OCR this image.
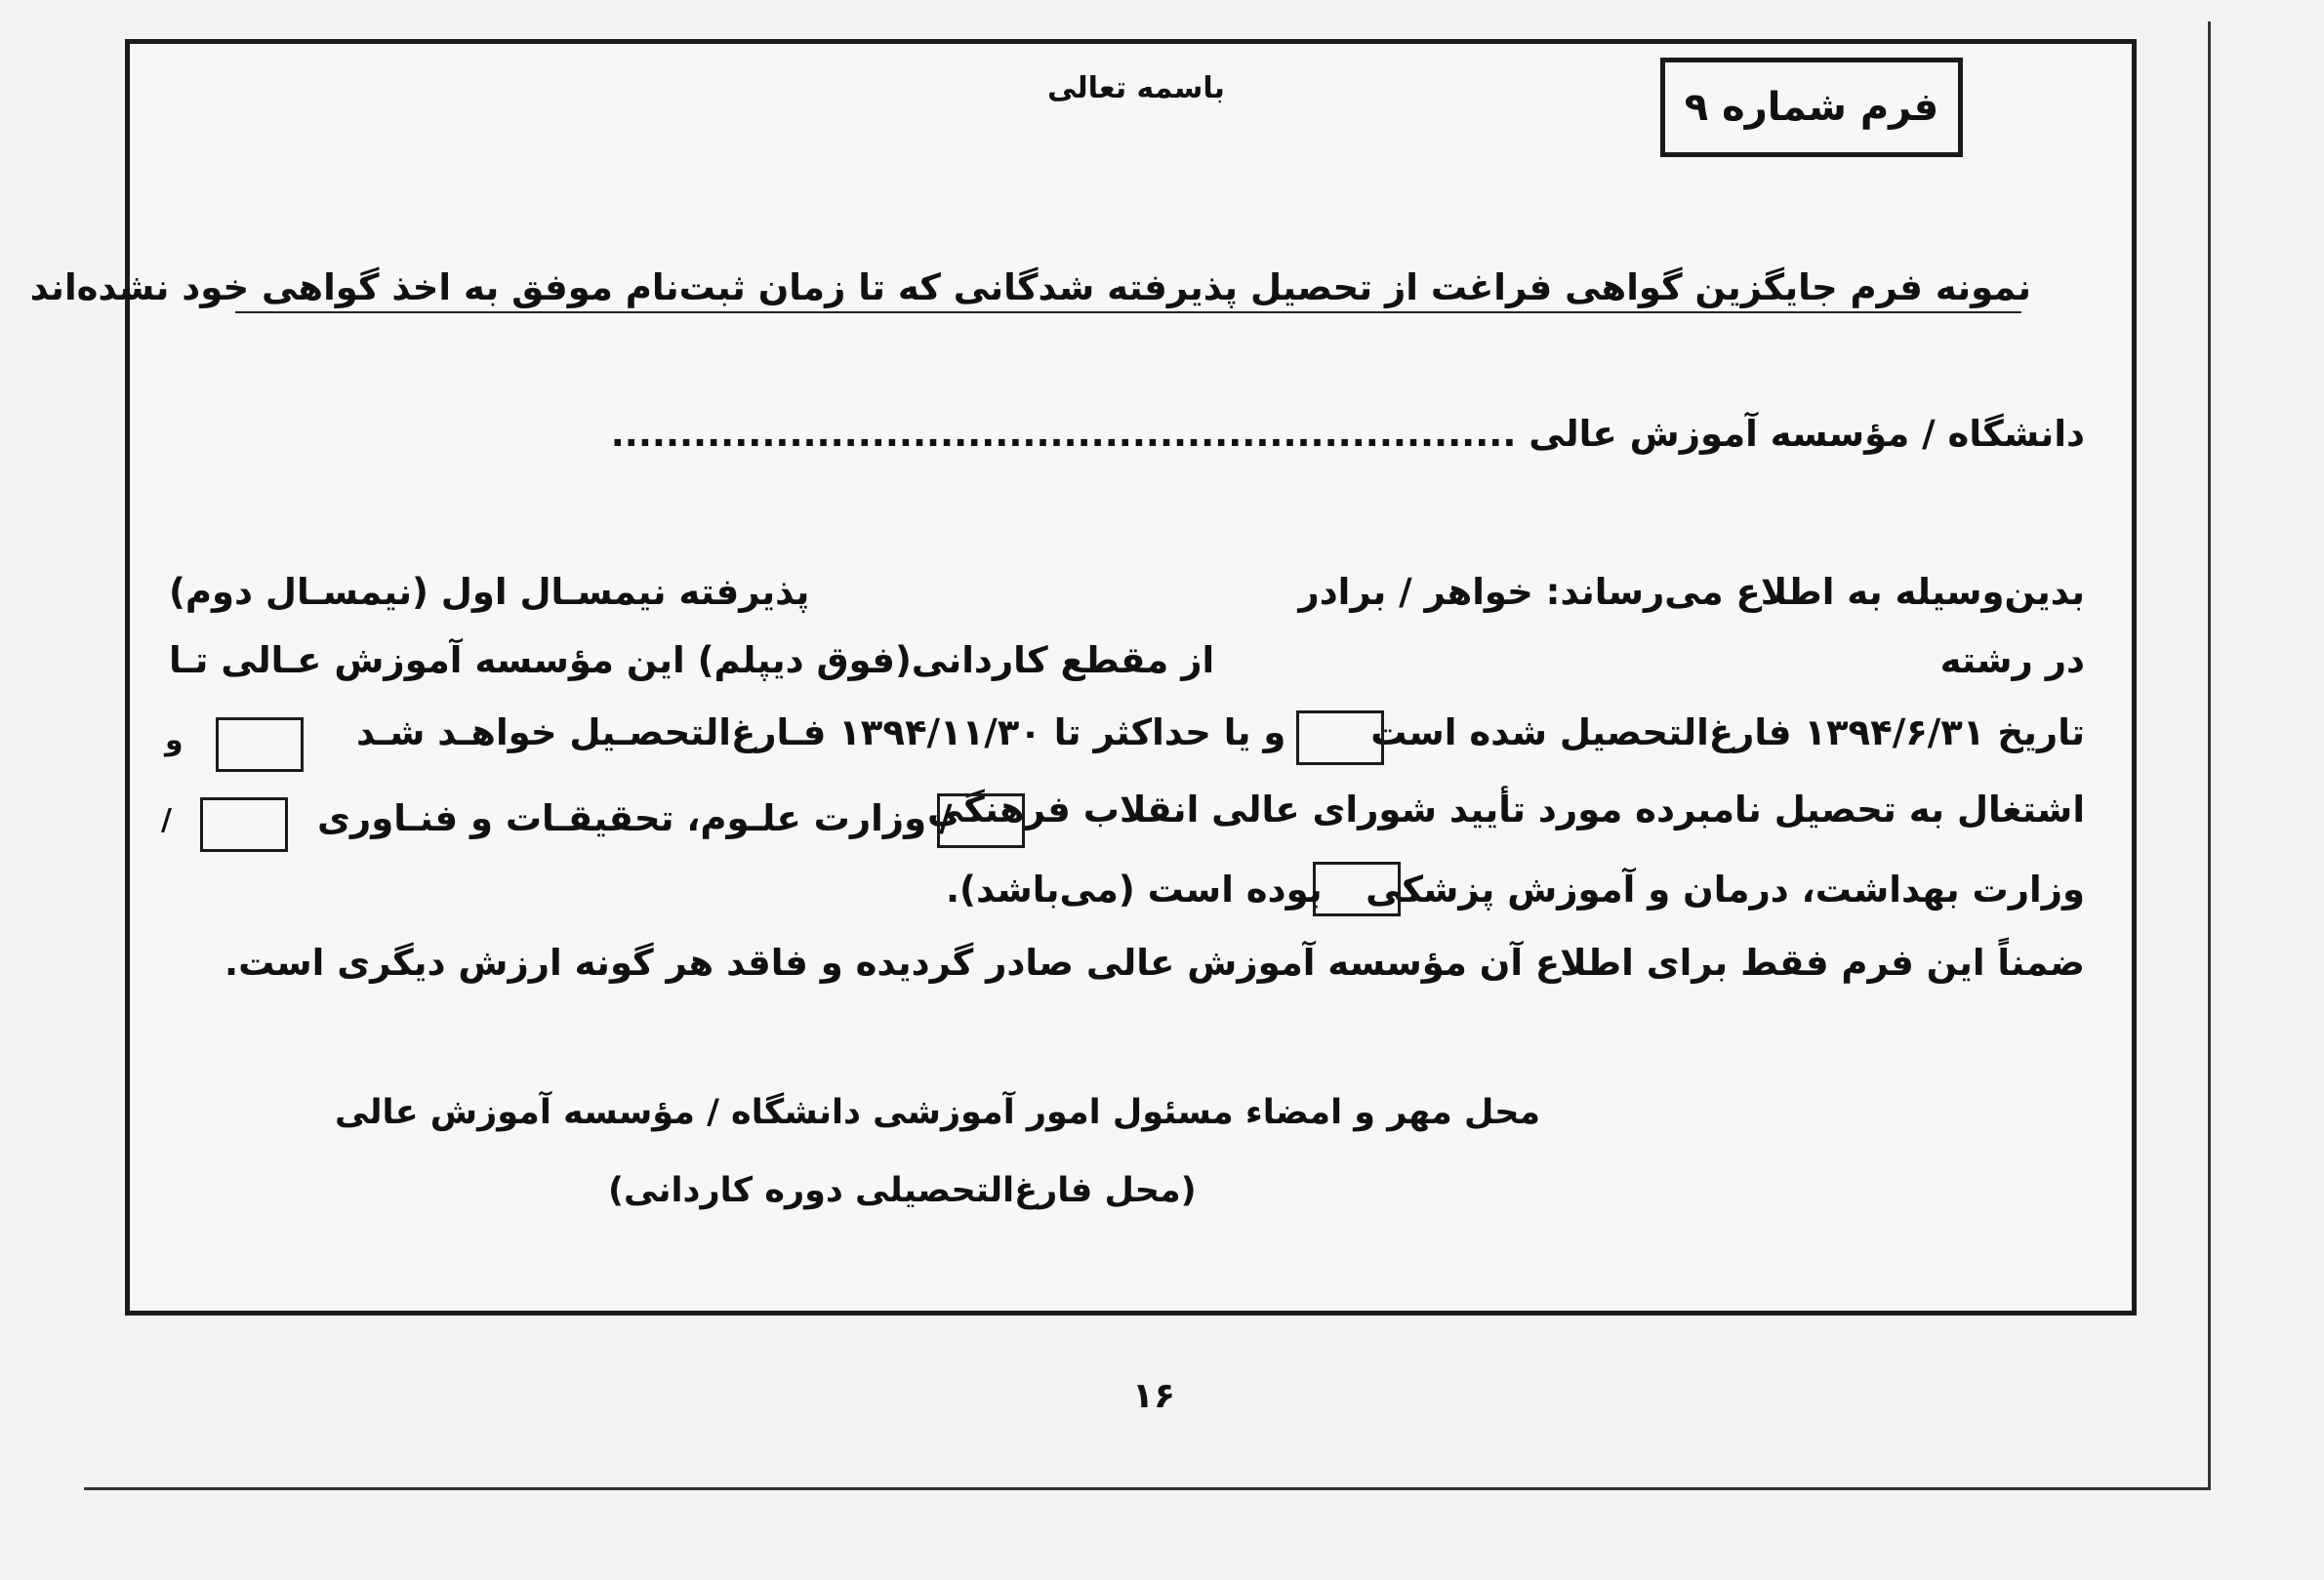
باسمه تعالی	فرم شماره ۹
نمونه فرم جایگزین گواهی فراغت از تحصیل پذیرفته شدگانی که تا زمان ثبت‌نام موفق به اخذ گواهی خود نشده‌اند
دانشگاه / مؤسسه آموزش عالی ..................................................................
بدین‌وسیله به اطلاع می‌رساند: خواهر / برادر
پذیرفته نیمسـال اول (نیمسـال دوم)
در رشته
از مقطع کاردانی(فوق دیپلم) این مؤسسه آموزش عـالی تـا
تاریخ ۱۳۹۴/۶/۳۱ فارغ‌التحصیل شده است
و یا حداکثر تا ۱۳۹۴/۱۱/۳۰ فـارغ‌التحصـیل خواهـد شـد
و
اشتغال به تحصیل نامبرده مورد تأیید شورای عالی انقلاب فرهنگی
/ وزارت علـوم، تحقیقـات و فنـاوری
/
وزارت بهداشت، درمان و آموزش پزشکی
بوده است (می‌باشد).
ضمناً این فرم فقط برای اطلاع آن مؤسسه آموزش عالی صادر گردیده و فاقد هر گونه ارزش دیگری است.
محل مهر و امضاء مسئول امور آموزشی دانشگاه / مؤسسه آموزش عالی
(محل فارغ‌التحصیلی دوره کاردانی)
۱۶
